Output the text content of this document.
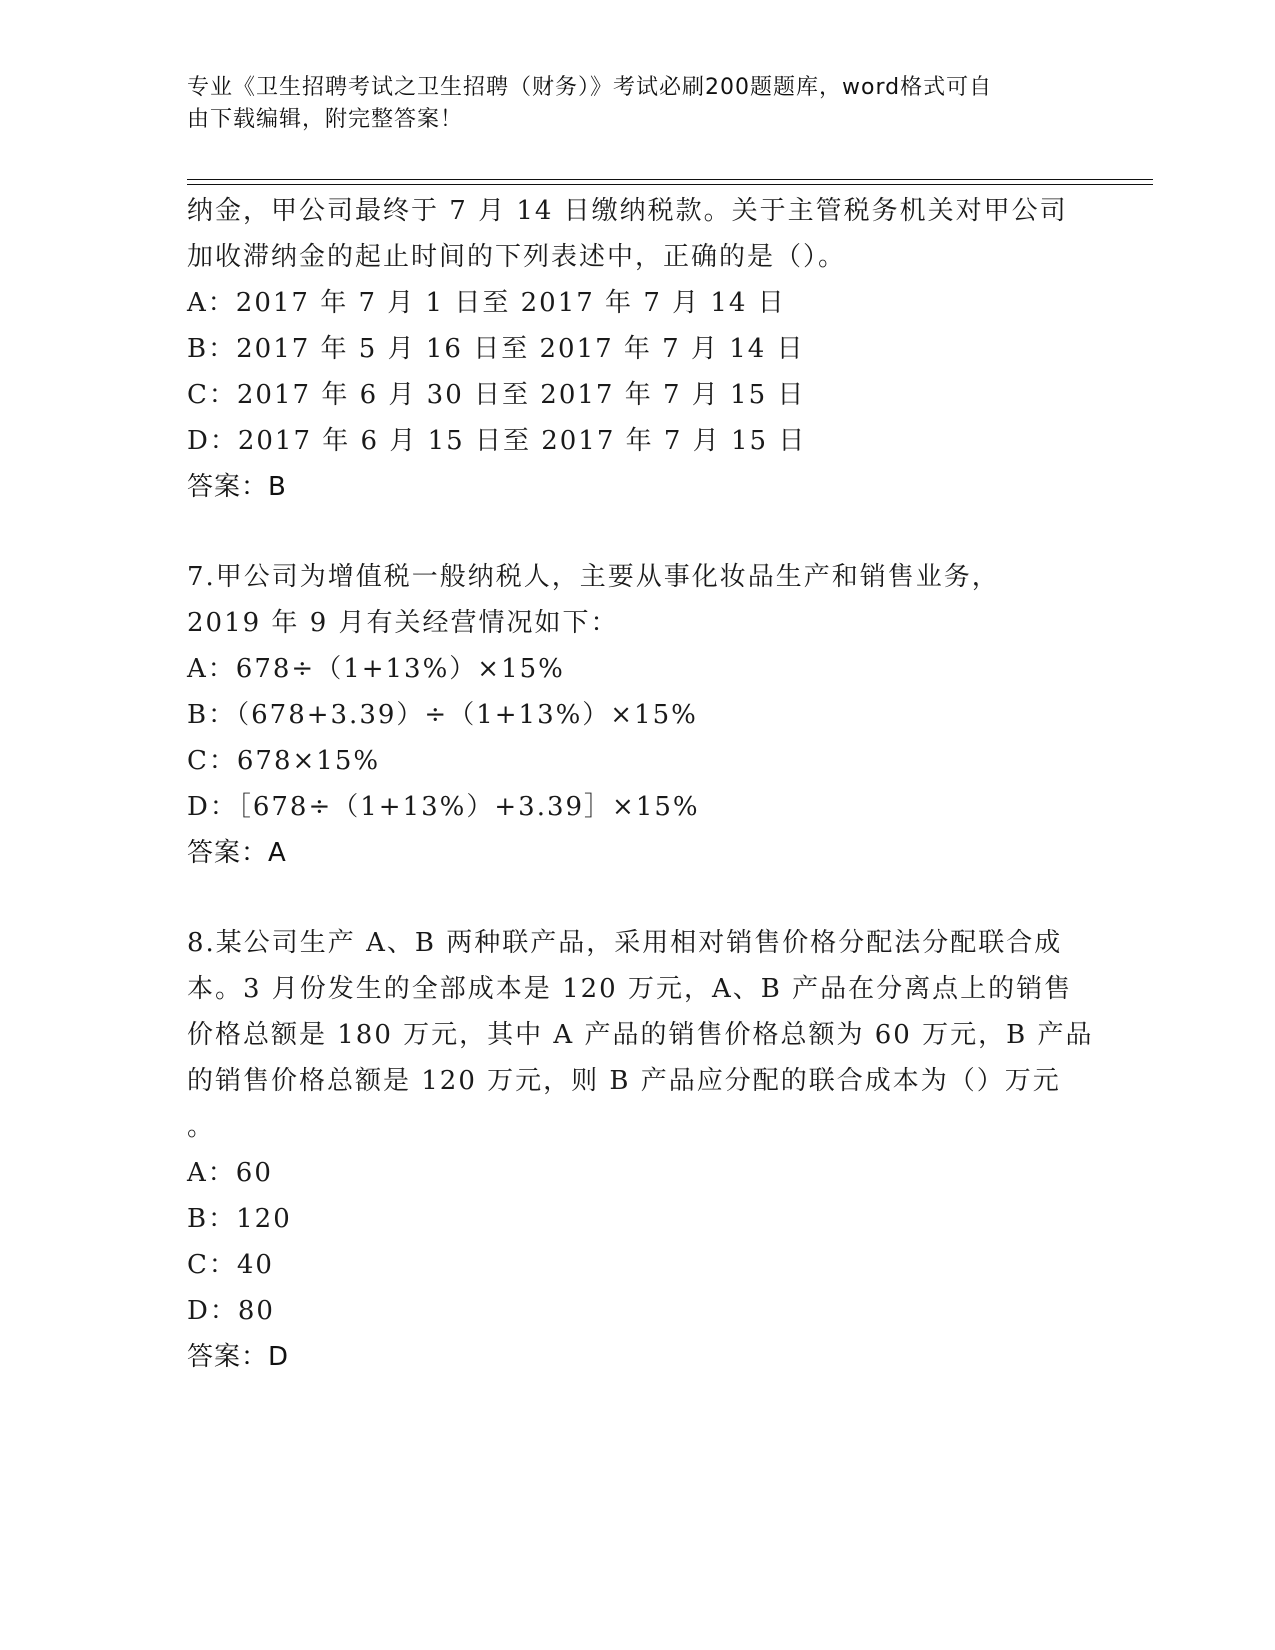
专业《卫生招聘考试之卫生招聘（财务）》考试必刷200题题库，word格式可自
由下载编辑，附完整答案！
纳金，甲公司最终于 7 月 14 日缴纳税款。关于主管税务机关对甲公司
加收滞纳金的起止时间的下列表述中，正确的是（）。
A：2017 年 7 月 1 日至 2017 年 7 月 14 日
B：2017 年 5 月 16 日至 2017 年 7 月 14 日
C：2017 年 6 月 30 日至 2017 年 7 月 15 日
D：2017 年 6 月 15 日至 2017 年 7 月 15 日
答案：B
7.甲公司为增值税一般纳税人，主要从事化妆品生产和销售业务，
2019 年 9 月有关经营情况如下：
A：678÷（1+13%）×15%
B：（678+3.39）÷（1+13%）×15%
C：678×15%
D：［678÷（1+13%）+3.39］×15%
答案：A
8.某公司生产 A、B 两种联产品，采用相对销售价格分配法分配联合成
本。3 月份发生的全部成本是 120 万元，A、B 产品在分离点上的销售
价格总额是 180 万元，其中 A 产品的销售价格总额为 60 万元，B 产品
的销售价格总额是 120 万元，则 B 产品应分配的联合成本为（）万元
。
A：60
B：120
C：40
D：80
答案：D
